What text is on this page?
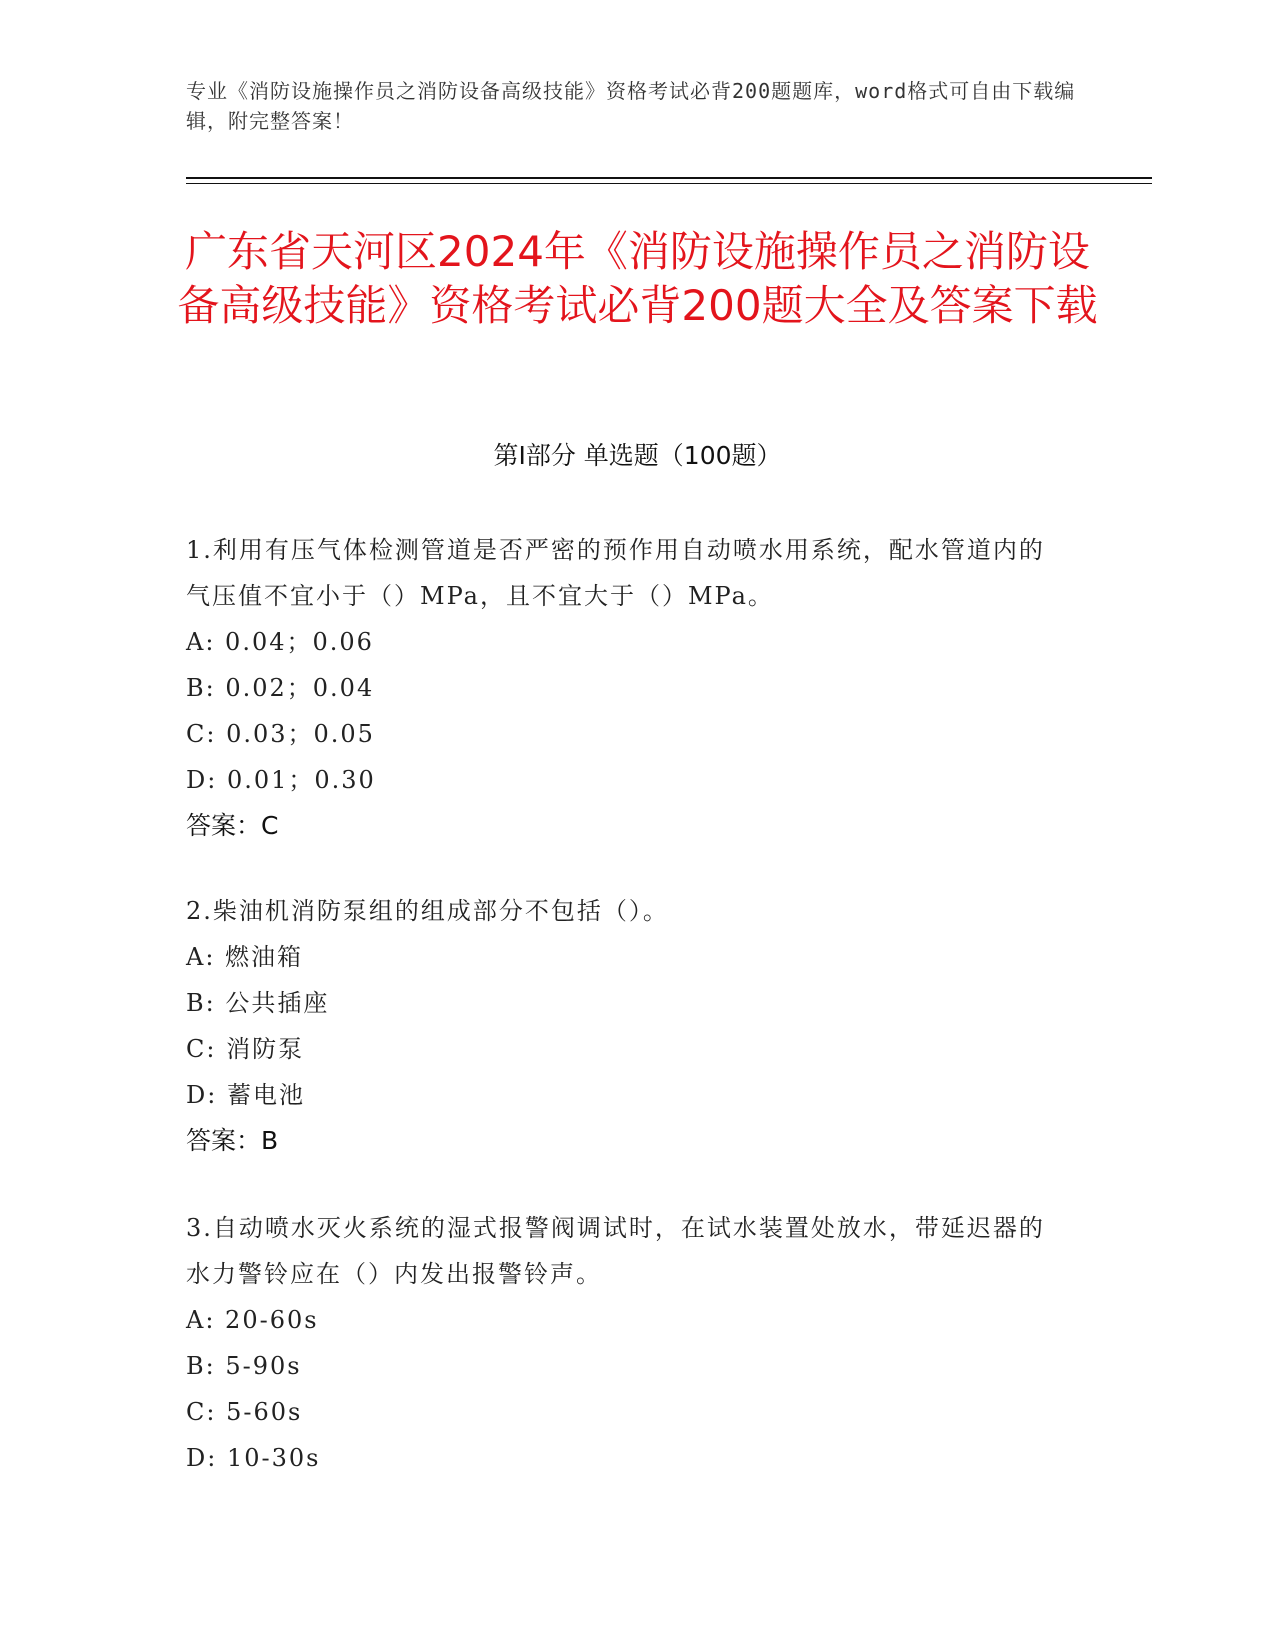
专业《消防设施操作员之消防设备高级技能》资格考试必背200题题库，word格式可自由下载编辑，附完整答案！
广东省天河区2024年《消防设施操作员之消防设备高级技能》资格考试必背200题大全及答案下载
第Ⅰ部分 单选题（100题）
1.利用有压气体检测管道是否严密的预作用自动喷水用系统，配水管道内的气压值不宜小于（）MPa，且不宜大于（）MPa。
A: 0.04；0.06
B: 0.02；0.04
C: 0.03；0.05
D: 0.01；0.30
答案：C
2.柴油机消防泵组的组成部分不包括（）。
A: 燃油箱
B: 公共插座
C: 消防泵
D: 蓄电池
答案：B
3.自动喷水灭火系统的湿式报警阀调试时，在试水装置处放水，带延迟器的水力警铃应在（）内发出报警铃声。
A: 20-60s
B: 5-90s
C: 5-60s
D: 10-30s
